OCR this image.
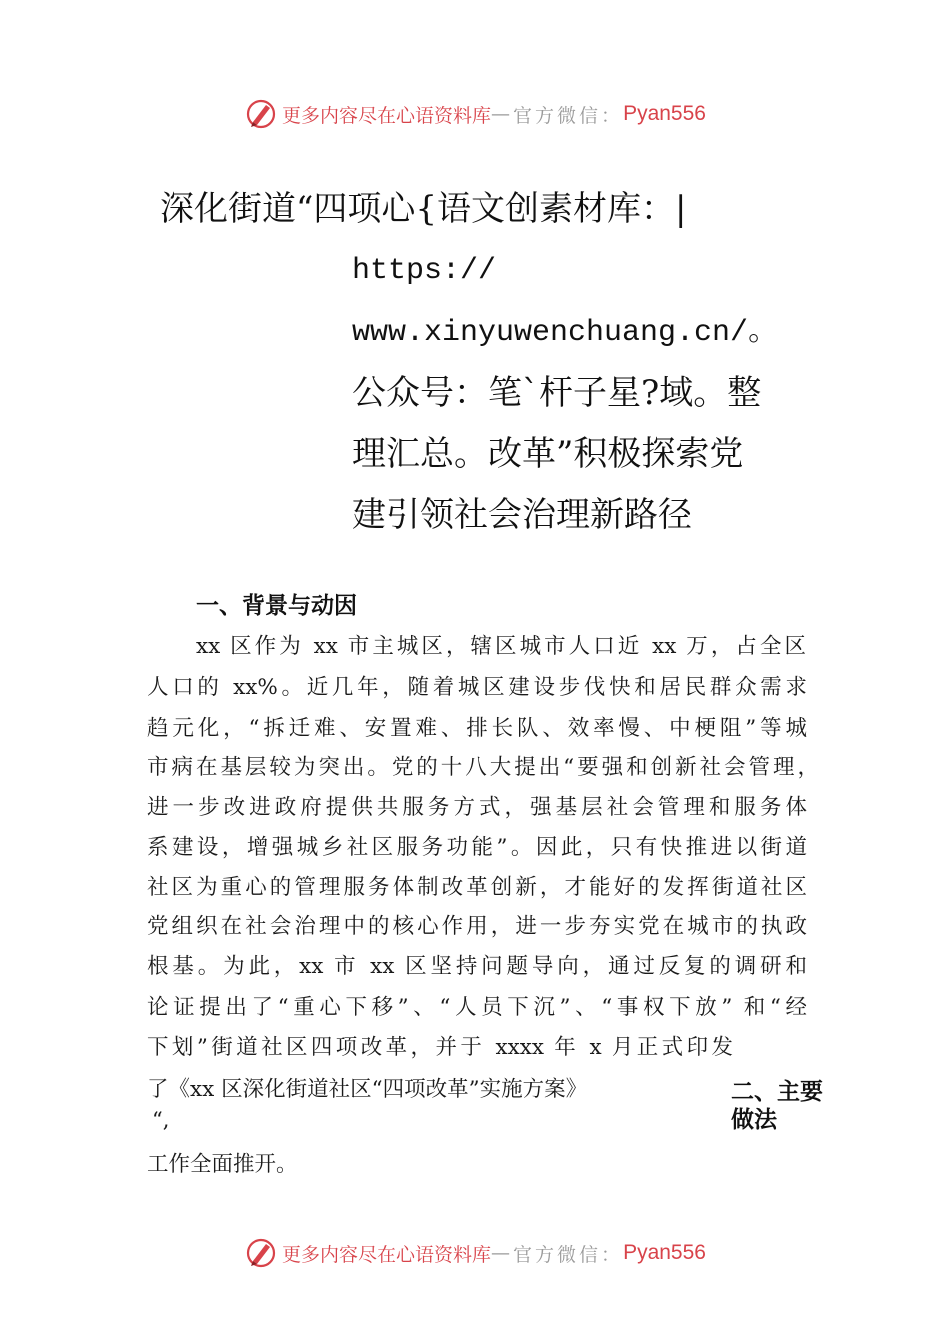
更多内容尽在心语资料库 — 官方微信： Pyan556
深化街道“四项心{语文创素材库：|
https://
www.xinyuwenchuang.cn/。
公众号：笔`杆子星?域。整
理汇总。改革”积极探索党
建引领社会治理新路径
一、背景与动因
xx 区作为 xx 市主城区，辖区城市人口近 xx 万，占全区
人口的 xx%。近几年，随着城区建设步伐快和居民群众需求
趋元化，“拆迁难、安置难、排长队、效率慢、中梗阻”等城
市病在基层较为突出。党的十八大提出“要强和创新社会管理，
进一步改进政府提供共服务方式，强基层社会管理和服务体
系建设，增强城乡社区服务功能”。因此，只有快推进以街道
社区为重心的管理服务体制改革创新，才能好的发挥街道社区
党组织在社会治理中的核心作用，进一步夯实党在城市的执政
根基。为此，xx 市 xx 区坚持问题导向，通过反复的调研和
论证提出了“重心下移”、“人员下沉”、“事权下放” 和“经
下划”街道社区四项改革，并于 xxxx 年 x 月正式印发
了《xx 区深化街道社区“四项改革”实施方案》
“,
工作全面推开。
二、主要
做法
更多内容尽在心语资料库 — 官方微信： Pyan556
